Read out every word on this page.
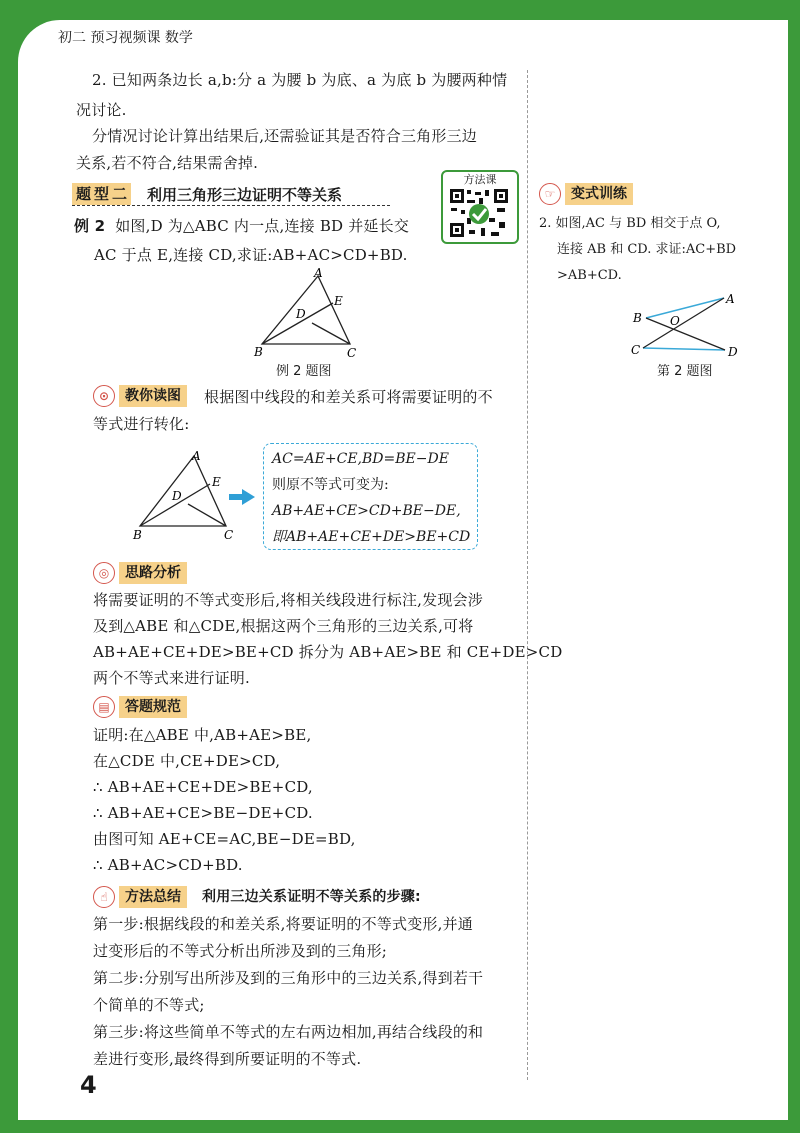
初二 预习视频课 数学
2. 已知两条边长 a,b:分 a 为腰 b 为底、a 为底 b 为腰两种情
况讨论.
分情况讨论计算出结果后,还需验证其是否符合三角形三边
关系,若不符合,结果需舍掉.
题型二 利用三角形三边证明不等关系
方法课
例 2 如图,D 为△ABC 内一点,连接 BD 并延长交
AC 于点 E,连接 CD,求证:AB+AC>CD+BD.
A
B	C
D
E
例 2 题图
⊙	教你读图	根据图中线段的和差关系可将需要证明的不
等式进行转化:
A
B	C
D
E
AC=AE+CE,BD=BE−DE
则原不等式可变为:
AB+AE+CE>CD+BE−DE,
即AB+AE+CE+DE>BE+CD
◎	思路分析
将需要证明的不等式变形后,将相关线段进行标注,发现会涉
及到△ABE 和△CDE,根据这两个三角形的三边关系,可将
AB+AE+CE+DE>BE+CD 拆分为 AB+AE>BE 和 CE+DE>CD
两个不等式来进行证明.
▤	答题规范
证明:在△ABE 中,AB+AE>BE,
在△CDE 中,CE+DE>CD,
∴ AB+AE+CE+DE>BE+CD,
∴ AB+AE+CE>BE−DE+CD.
由图可知 AE+CE=AC,BE−DE=BD,
∴ AB+AC>CD+BD.
☝	方法总结	利用三边关系证明不等关系的步骤:
第一步:根据线段的和差关系,将要证明的不等式变形,并通
过变形后的不等式分析出所涉及到的三角形;
第二步:分别写出所涉及到的三角形中的三边关系,得到若干
个简单的不等式;
第三步:将这些简单不等式的左右两边相加,再结合线段的和
差进行变形,最终得到所要证明的不等式.
☞	变式训练
2. 如图,AC 与 BD 相交于点 O,
连接 AB 和 CD. 求证:AC+BD
>AB+CD.
A
B O
C	D
第 2 题图
4
